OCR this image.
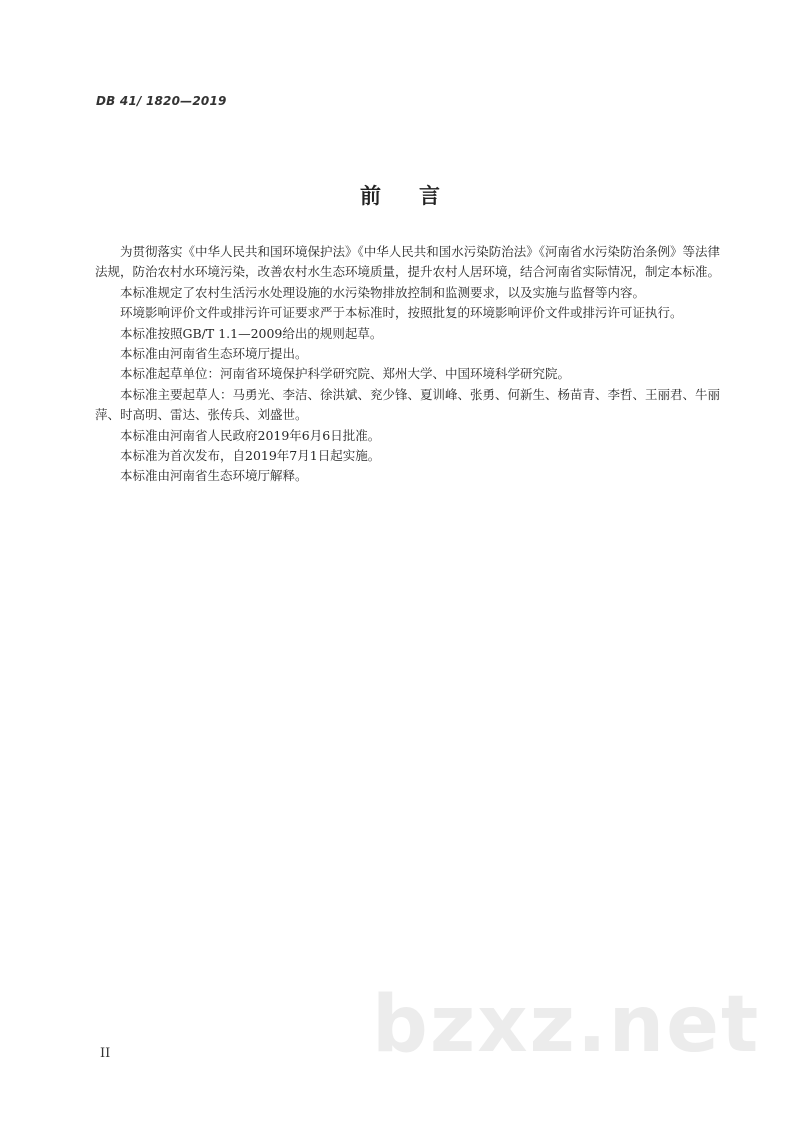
DB 41/ 1820—2019
前言

为贯彻落实《中华人民共和国环境保护法》《中华人民共和国水污染防治法》《河南省水污染防治条例》等法律法规，防治农村水环境污染，改善农村水生态环境质量，提升农村人居环境，结合河南省实际情况，制定本标准。

本标准规定了农村生活污水处理设施的水污染物排放控制和监测要求，以及实施与监督等内容。

环境影响评价文件或排污许可证要求严于本标准时，按照批复的环境影响评价文件或排污许可证执行。

本标准按照GB/T 1.1—2009给出的规则起草。

本标准由河南省生态环境厅提出。

本标准起草单位：河南省环境保护科学研究院、郑州大学、中国环境科学研究院。

本标准主要起草人：马勇光、李洁、徐洪斌、兖少锋、夏训峰、张勇、何新生、杨苗青、李哲、王丽君、牛丽萍、时高明、雷达、张传兵、刘盛世。

本标准由河南省人民政府2019年6月6日批准。

本标准为首次发布，自2019年7月1日起实施。

本标准由河南省生态环境厅解释。

bzxz.net
II
